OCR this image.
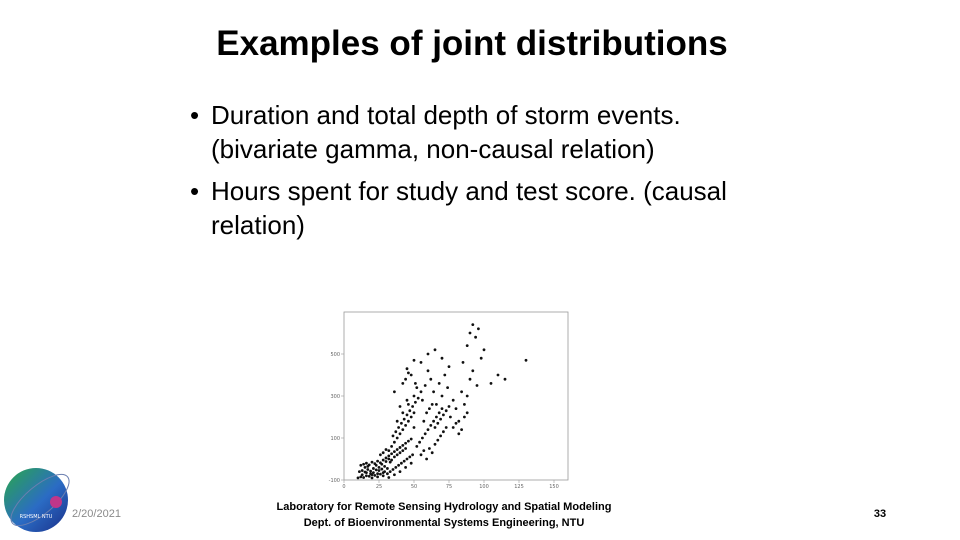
Examples of joint distributions
• Duration and total depth of storm events.
(bivariate gamma, non-causal relation)
• Hours spent for study and test score. (causal
relation)
-100
100
300
500
0	25	50	75	100	125	150
RSHSML NTU 2/20/2021
Laboratory for Remote Sensing Hydrology and Spatial Modeling
Dept. of Bioenvironmental Systems Engineering, NTU
33
